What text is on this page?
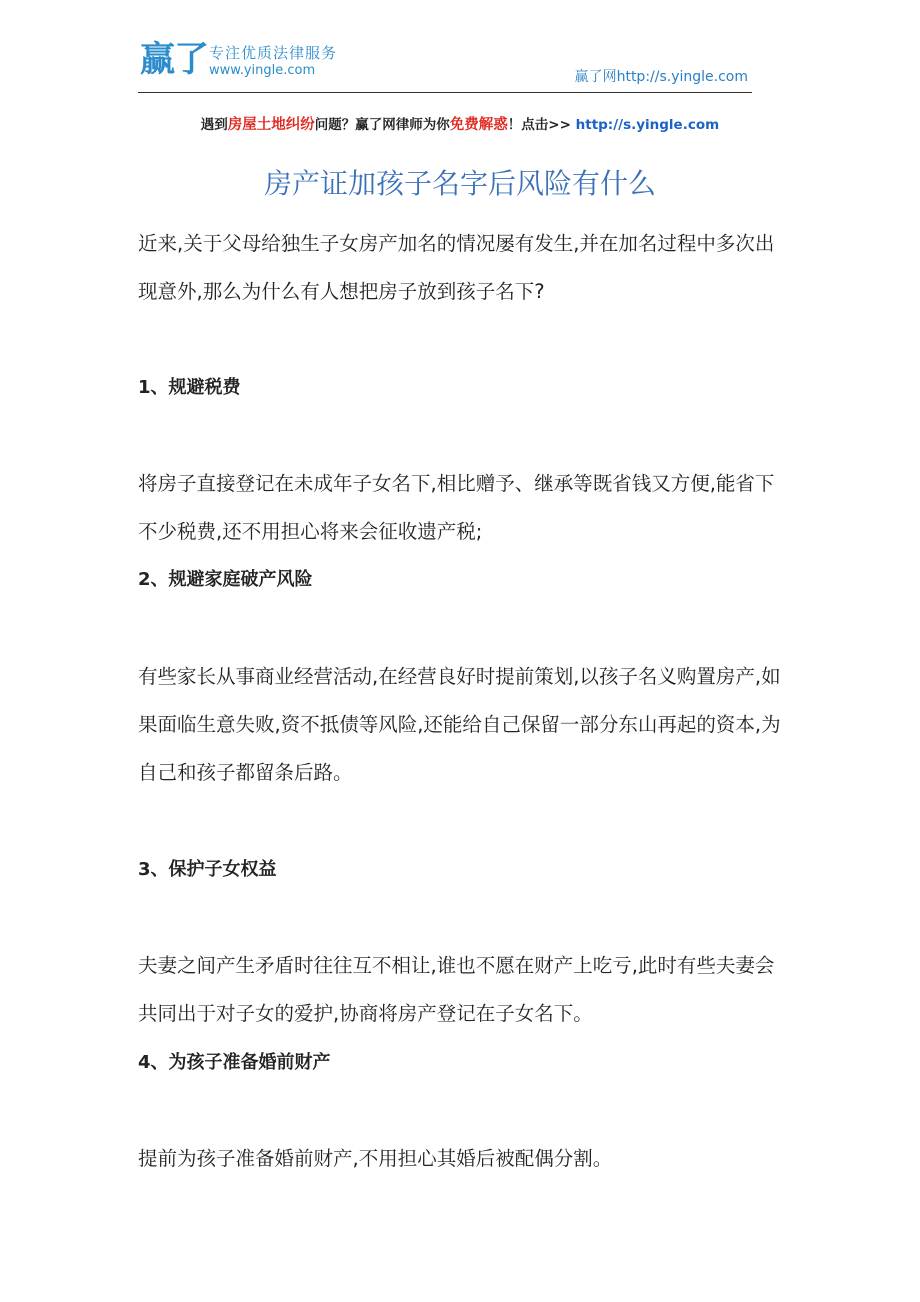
赢了 专注优质法律服务
www.yingle.com	赢了网http://s.yingle.com
遇到房屋土地纠纷问题？赢了网律师为你免费解惑！点击>> http://s.yingle.com
房产证加孩子名字后风险有什么
近来,关于父母给独生子女房产加名的情况屡有发生,并在加名过程中多次出现意外,那么为什么有人想把房子放到孩子名下?
1、规避税费
将房子直接登记在未成年子女名下,相比赠予、继承等既省钱又方便,能省下不少税费,还不用担心将来会征收遗产税;
2、规避家庭破产风险
有些家长从事商业经营活动,在经营良好时提前策划,以孩子名义购置房产,如果面临生意失败,资不抵债等风险,还能给自己保留一部分东山再起的资本,为自己和孩子都留条后路。
3、保护子女权益
夫妻之间产生矛盾时往往互不相让,谁也不愿在财产上吃亏,此时有些夫妻会共同出于对子女的爱护,协商将房产登记在子女名下。
4、为孩子准备婚前财产
提前为孩子准备婚前财产,不用担心其婚后被配偶分割。
